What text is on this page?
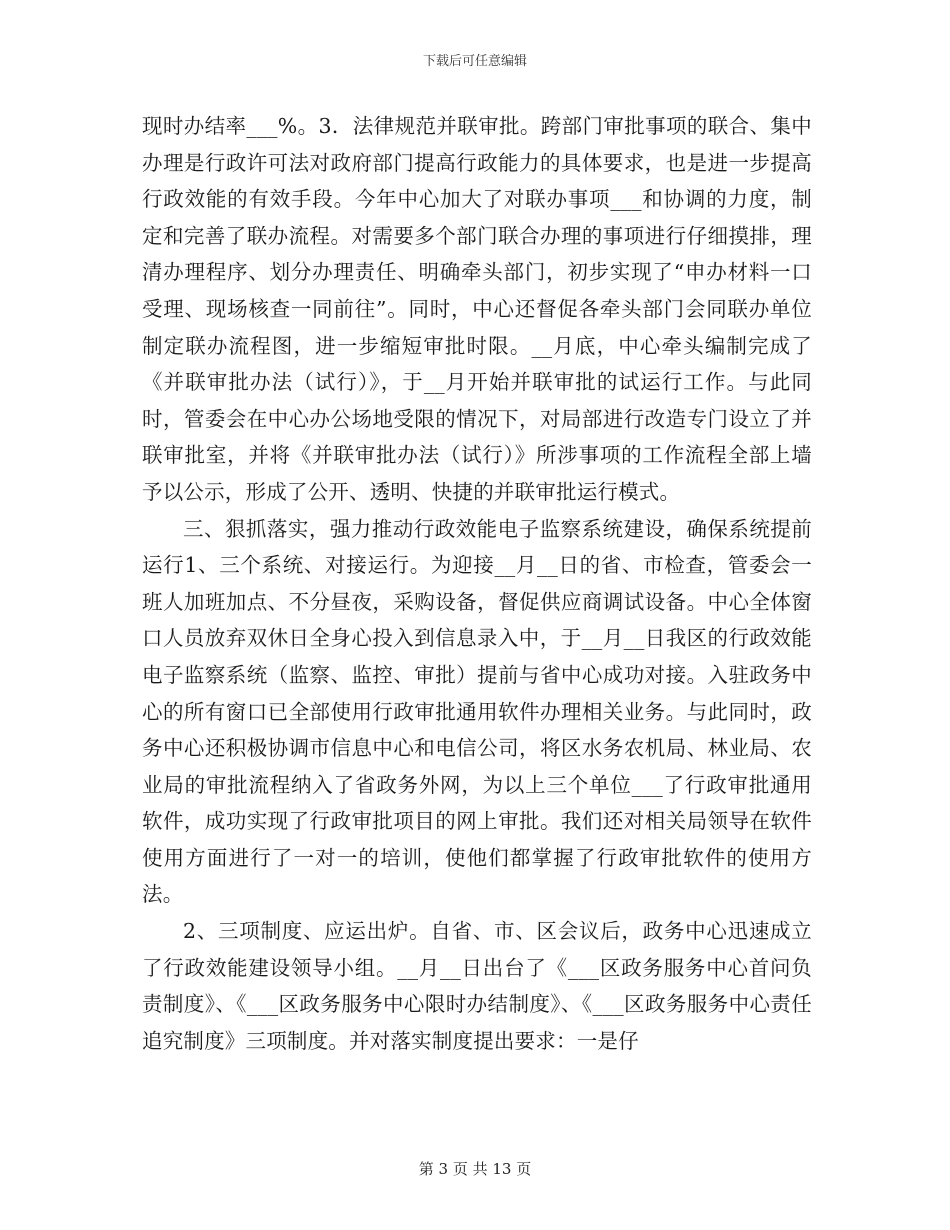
下载后可任意编辑

现时办结率___%。3．法律规范并联审批。跨部门审批事项的联合、集中办理是行政许可法对政府部门提高行政能力的具体要求，也是进一步提高行政效能的有效手段。今年中心加大了对联办事项___和协调的力度，制定和完善了联办流程。对需要多个部门联合办理的事项进行仔细摸排，理清办理程序、划分办理责任、明确牵头部门，初步实现了“申办材料一口受理、现场核查一同前往”。同时，中心还督促各牵头部门会同联办单位制定联办流程图，进一步缩短审批时限。__月底，中心牵头编制完成了《并联审批办法（试行）》，于__月开始并联审批的试运行工作。与此同时，管委会在中心办公场地受限的情况下，对局部进行改造专门设立了并联审批室，并将《并联审批办法（试行）》所涉事项的工作流程全部上墙予以公示，形成了公开、透明、快捷的并联审批运行模式。

三、狠抓落实，强力推动行政效能电子监察系统建设，确保系统提前运行1、三个系统、对接运行。为迎接__月__日的省、市检查，管委会一班人加班加点、不分昼夜，采购设备，督促供应商调试设备。中心全体窗口人员放弃双休日全身心投入到信息录入中，于__月__日我区的行政效能电子监察系统（监察、监控、审批）提前与省中心成功对接。入驻政务中心的所有窗口已全部使用行政审批通用软件办理相关业务。与此同时，政务中心还积极协调市信息中心和电信公司，将区水务农机局、林业局、农业局的审批流程纳入了省政务外网，为以上三个单位___了行政审批通用软件，成功实现了行政审批项目的网上审批。我们还对相关局领导在软件使用方面进行了一对一的培训，使他们都掌握了行政审批软件的使用方法。

2、三项制度、应运出炉。自省、市、区会议后，政务中心迅速成立了行政效能建设领导小组。__月__日出台了《___区政务服务中心首问负责制度》、《___区政务服务中心限时办结制度》、《___区政务服务中心责任追究制度》三项制度。并对落实制度提出要求：一是仔

第 3 页 共 13 页
